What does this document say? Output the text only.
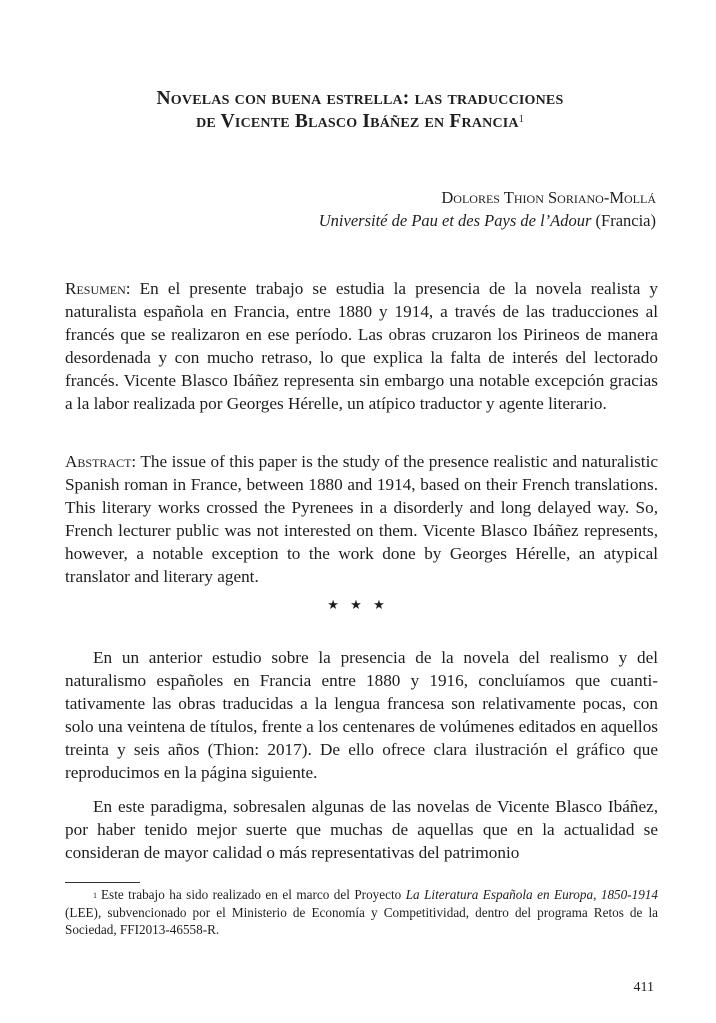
Novelas con buena estrella: las traducciones
de Vicente Blasco Ibáñez en Francia$^1$
Dolores Thion Soriano-Mollá
Université de Pau et des Pays de l’Adour (Francia)
Resumen: En el presente trabajo se estudia la presencia de la novela realista y naturalista española en Francia, entre 1880 y 1914, a través de las traducciones al francés que se realizaron en ese período. Las obras cruzaron los Pirineos de manera desordenada y con mucho retraso, lo que explica la falta de interés del lectorado francés. Vicente Blasco Ibáñez representa sin embargo una notable excepción gracias a la labor realizada por Georges Hérelle, un atípico traductor y agente literario.
Abstract: The issue of this paper is the study of the presence realistic and naturalistic Spanish roman in France, between 1880 and 1914, based on their French translations. This literary works crossed the Pyrenees in a disorderly and long delayed way. So, French lecturer public was not interested on them. Vicente Blasco Ibáñez represents, however, a notable exception to the work done by Georges Hérelle, an atypical translator and literary agent.
★ ★ ★
En un anterior estudio sobre la presencia de la novela del realismo y del naturalismo españoles en Francia entre 1880 y 1916, concluíamos que cuantitativamente las obras traducidas a la lengua francesa son relativamente pocas, con solo una veintena de títulos, frente a los centenares de volúmenes editados en aquellos treinta y seis años (Thion: 2017). De ello ofrece clara ilustración el gráfico que reproducimos en la página siguiente.
En este paradigma, sobresalen algunas de las novelas de Vicente Blasco Ibáñez, por haber tenido mejor suerte que muchas de aquellas que en la actualidad se consideran de mayor calidad o más representativas del patrimonio
$^1$ Este trabajo ha sido realizado en el marco del Proyecto La Literatura Española en Europa, 1850-1914 (LEE), subvencionado por el Ministerio de Economía y Competitividad, dentro del programa Retos de la Sociedad, FFI2013-46558-R.
411
